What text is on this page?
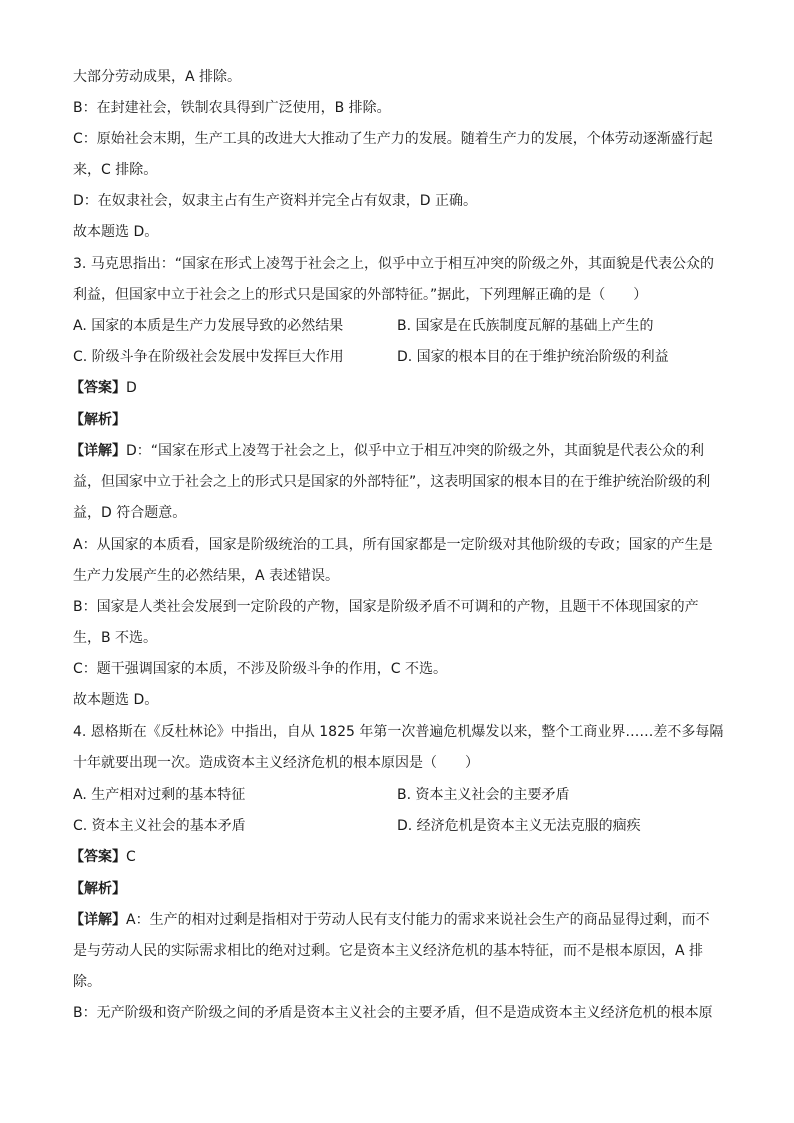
大部分劳动成果，A 排除。
B：在封建社会，铁制农具得到广泛使用，B 排除。
C：原始社会末期，生产工具的改进大大推动了生产力的发展。随着生产力的发展，个体劳动逐渐盛行起
来，C 排除。
D：在奴隶社会，奴隶主占有生产资料并完全占有奴隶，D 正确。
故本题选 D。
3. 马克思指出：“国家在形式上凌驾于社会之上，似乎中立于相互冲突的阶级之外，其面貌是代表公众的
利益，但国家中立于社会之上的形式只是国家的外部特征。”据此，下列理解正确的是（　　）
A. 国家的本质是生产力发展导致的必然结果	B. 国家是在氏族制度瓦解的基础上产生的
C. 阶级斗争在阶级社会发展中发挥巨大作用	D. 国家的根本目的在于维护统治阶级的利益
【答案】D
【解析】
【详解】D：“国家在形式上凌驾于社会之上，似乎中立于相互冲突的阶级之外，其面貌是代表公众的利
益，但国家中立于社会之上的形式只是国家的外部特征”，这表明国家的根本目的在于维护统治阶级的利
益，D 符合题意。
A：从国家的本质看，国家是阶级统治的工具，所有国家都是一定阶级对其他阶级的专政；国家的产生是
生产力发展产生的必然结果，A 表述错误。
B：国家是人类社会发展到一定阶段的产物，国家是阶级矛盾不可调和的产物，且题干不体现国家的产
生，B 不选。
C：题干强调国家的本质，不涉及阶级斗争的作用，C 不选。
故本题选 D。
4. 恩格斯在《反杜林论》中指出，自从 1825 年第一次普遍危机爆发以来，整个工商业界……差不多每隔
十年就要出现一次。造成资本主义经济危机的根本原因是（　　）
A. 生产相对过剩的基本特征	B. 资本主义社会的主要矛盾
C. 资本主义社会的基本矛盾	D. 经济危机是资本主义无法克服的痼疾
【答案】C
【解析】
【详解】A：生产的相对过剩是指相对于劳动人民有支付能力的需求来说社会生产的商品显得过剩，而不
是与劳动人民的实际需求相比的绝对过剩。它是资本主义经济危机的基本特征，而不是根本原因，A 排
除。
B：无产阶级和资产阶级之间的矛盾是资本主义社会的主要矛盾，但不是造成资本主义经济危机的根本原
